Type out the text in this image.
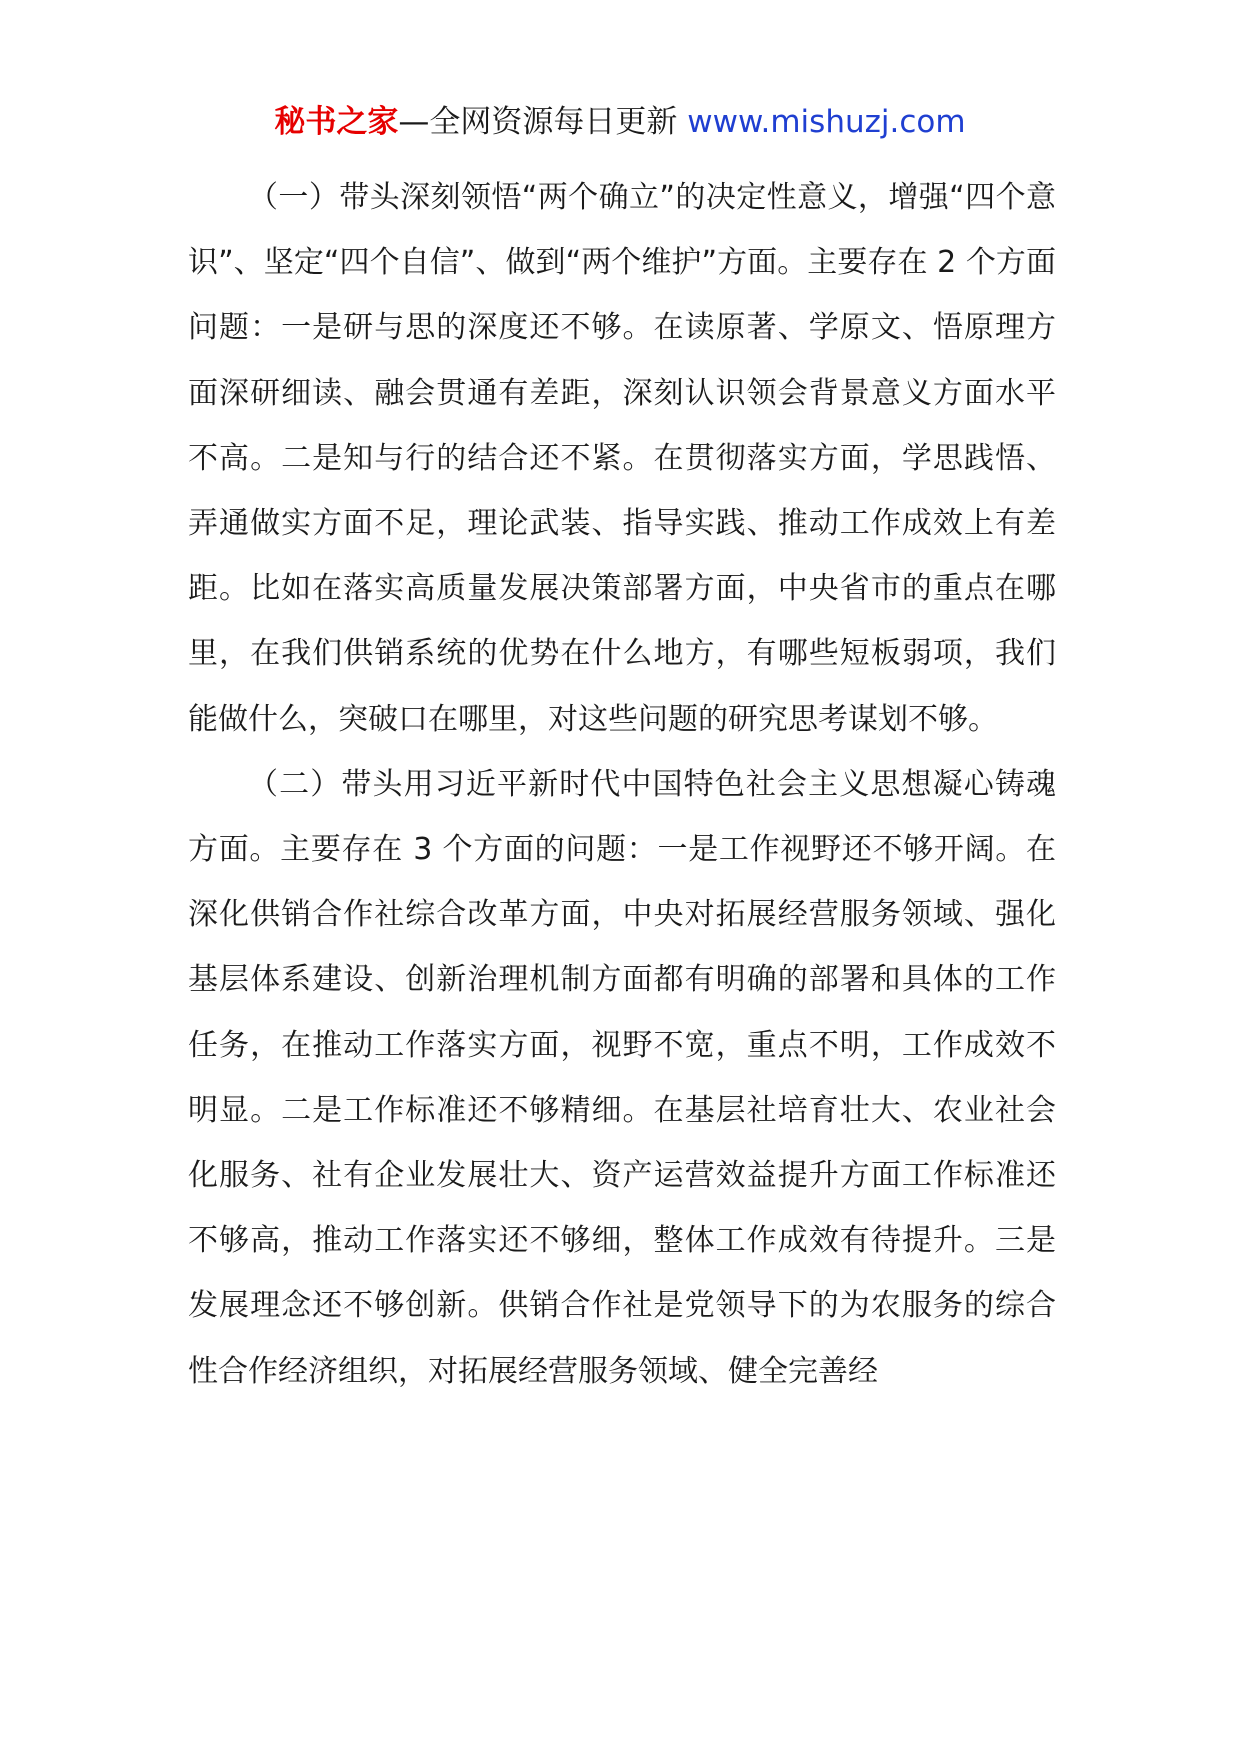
秘书之家—全网资源每日更新 www.mishuzj.com

（一）带头深刻领悟“两个确立”的决定性意义，增强“四个意识”、坚定“四个自信”、做到“两个维护”方面。主要存在 2 个方面问题：一是研与思的深度还不够。在读原著、学原文、悟原理方面深研细读、融会贯通有差距，深刻认识领会背景意义方面水平不高。二是知与行的结合还不紧。在贯彻落实方面，学思践悟、弄通做实方面不足，理论武装、指导实践、推动工作成效上有差距。比如在落实高质量发展决策部署方面，中央省市的重点在哪里，在我们供销系统的优势在什么地方，有哪些短板弱项，我们能做什么，突破口在哪里，对这些问题的研究思考谋划不够。

（二）带头用习近平新时代中国特色社会主义思想凝心铸魂方面。主要存在 3 个方面的问题：一是工作视野还不够开阔。在深化供销合作社综合改革方面，中央对拓展经营服务领域、强化基层体系建设、创新治理机制方面都有明确的部署和具体的工作任务，在推动工作落实方面，视野不宽，重点不明，工作成效不明显。二是工作标准还不够精细。在基层社培育壮大、农业社会化服务、社有企业发展壮大、资产运营效益提升方面工作标准还不够高，推动工作落实还不够细，整体工作成效有待提升。三是发展理念还不够创新。供销合作社是党领导下的为农服务的综合性合作经济组织，对拓展经营服务领域、健全完善经
